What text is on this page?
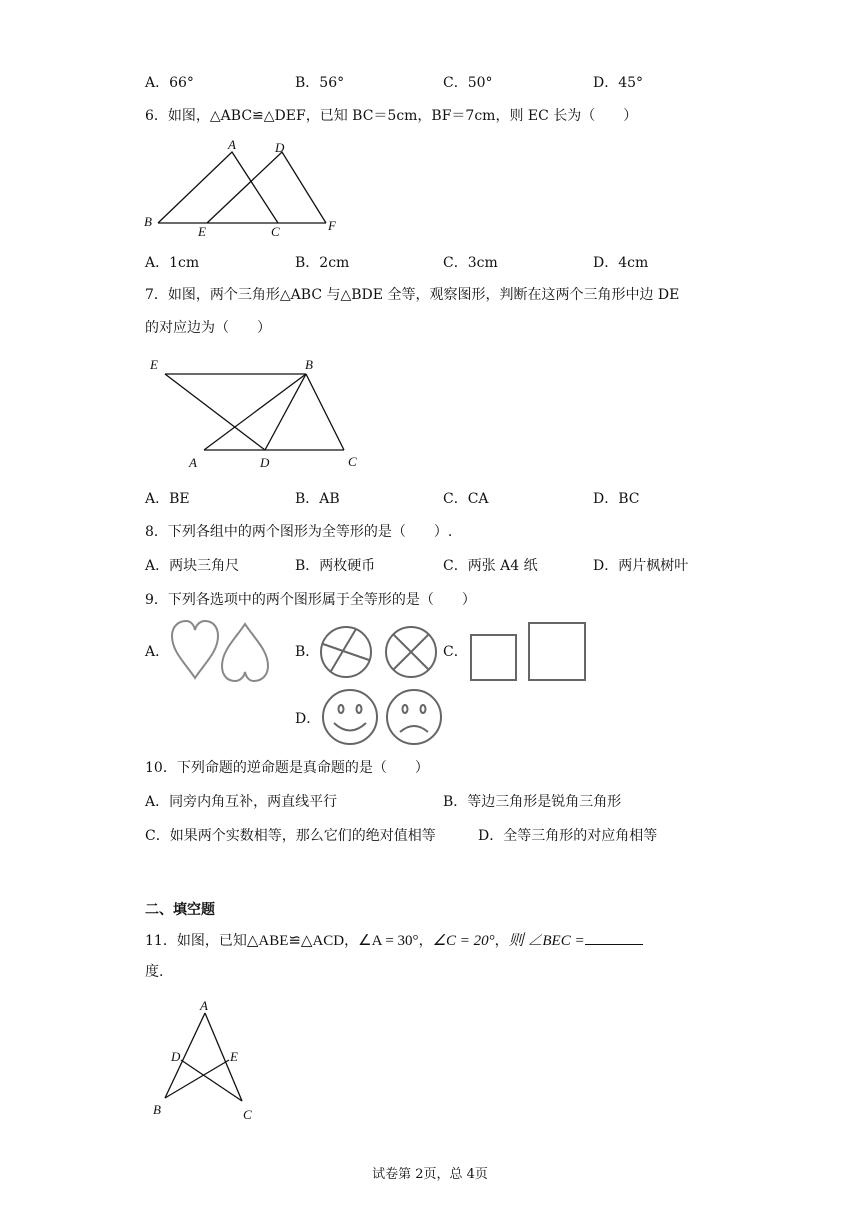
A．66°	B．56°	C．50°	D．45°
6．如图，△ABC≌△DEF，已知 BC＝5cm，BF＝7cm，则 EC 长为（　　）
A	D
B
E	C	F
A．1cm	B．2cm	C．3cm	D．4cm
7．如图，两个三角形△ABC 与△BDE 全等，观察图形，判断在这两个三角形中边 DE
的对应边为（　　）
E	B
A	D	C
A．BE	B．AB	C．CA	D．BC
8．下列各组中的两个图形为全等形的是（　　）.
A．两块三角尺	B．两枚硬币	C．两张 A4 纸	D．两片枫树叶
9．下列各选项中的两个图形属于全等形的是（　　）
A．	B．	C．
D．
10．下列命题的逆命题是真命题的是（　　）
A．同旁内角互补，两直线平行	B．等边三角形是锐角三角形
C．如果两个实数相等，那么它们的绝对值相等	D．全等三角形的对应角相等
二、填空题
11．如图，已知△ABE≌△ACD，∠A = 30°，∠C = 20°，则 ∠BEC =
度.
A
D	E
B	C
试卷第 2页，总 4页
